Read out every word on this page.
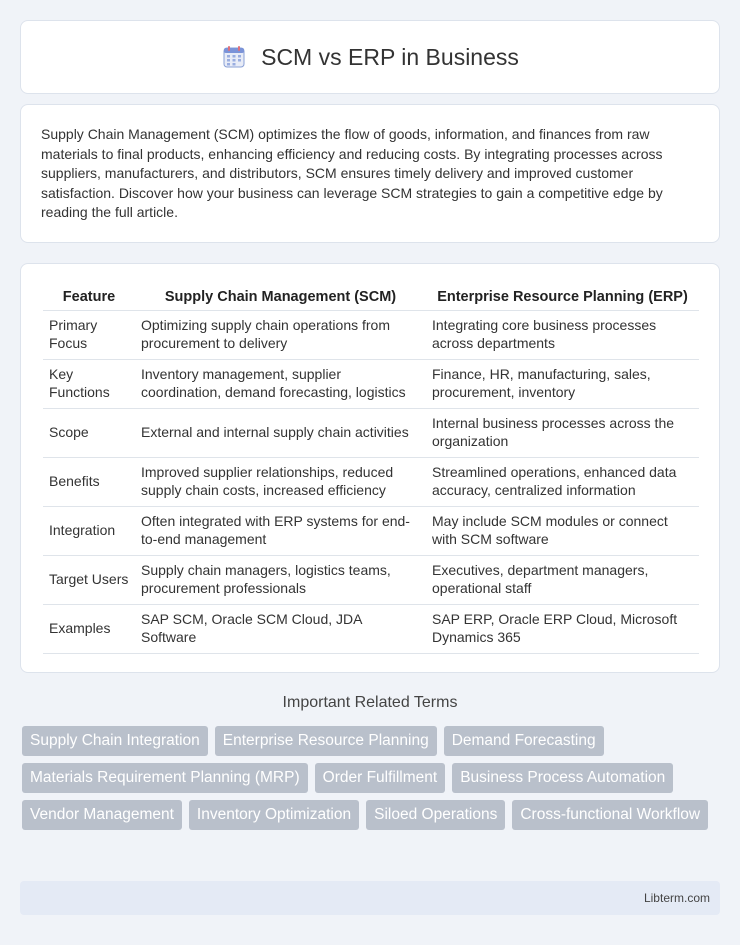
SCM vs ERP in Business

Supply Chain Management (SCM) optimizes the flow of goods, information, and finances from raw materials to final products, enhancing efficiency and reducing costs. By integrating processes across suppliers, manufacturers, and distributors, SCM ensures timely delivery and improved customer satisfaction. Discover how your business can leverage SCM strategies to gain a competitive edge by reading the full article.

Feature	Supply Chain Management (SCM)	Enterprise Resource Planning (ERP)
Primary Focus	Optimizing supply chain operations from procurement to delivery	Integrating core business processes across departments
Key Functions	Inventory management, supplier coordination, demand forecasting, logistics	Finance, HR, manufacturing, sales, procurement, inventory
Scope	External and internal supply chain activities	Internal business processes across the organization
Benefits	Improved supplier relationships, reduced supply chain costs, increased efficiency	Streamlined operations, enhanced data accuracy, centralized information
Integration	Often integrated with ERP systems for end-to-end management	May include SCM modules or connect with SCM software
Target Users	Supply chain managers, logistics teams, procurement professionals	Executives, department managers, operational staff
Examples	SAP SCM, Oracle SCM Cloud, JDA Software	SAP ERP, Oracle ERP Cloud, Microsoft Dynamics 365
Important Related Terms
Supply Chain Integration	Enterprise Resource Planning	Demand Forecasting
Materials Requirement Planning (MRP)	Order Fulfillment	Business Process Automation
Vendor Management	Inventory Optimization	Siloed Operations	Cross-functional Workflow
Libterm.com
